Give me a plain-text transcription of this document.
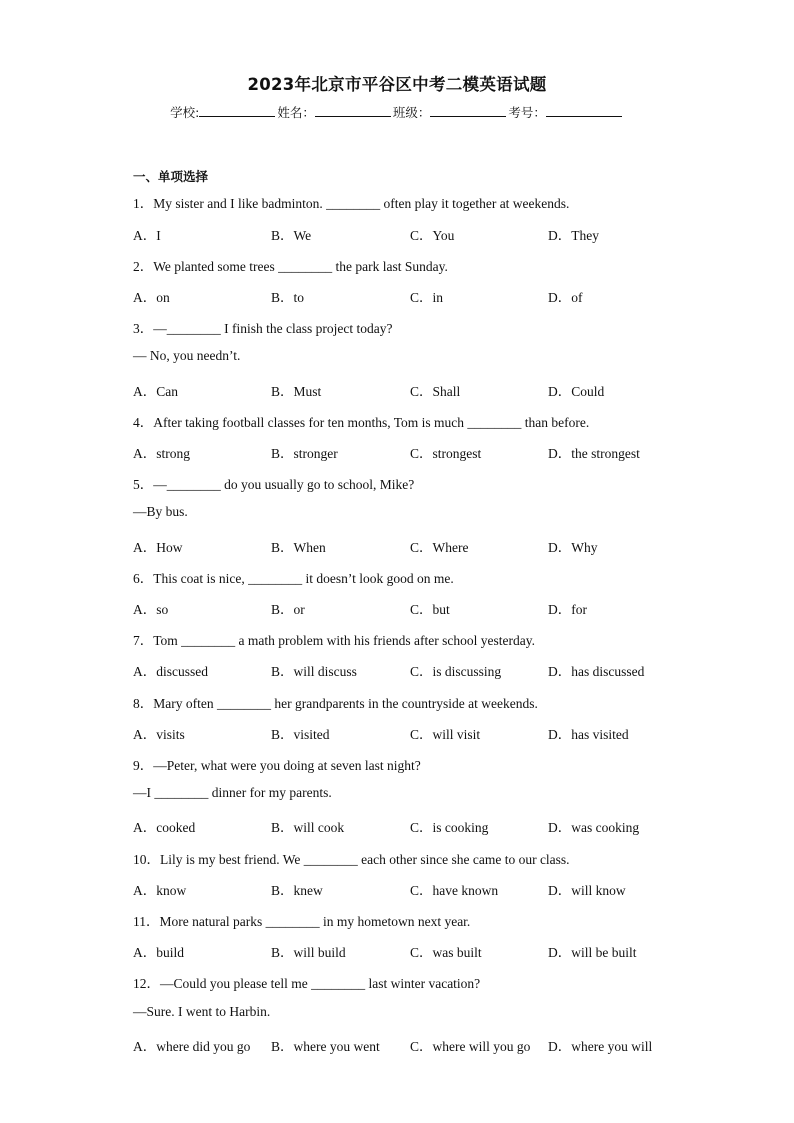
2023年北京市平谷区中考二模英语试题
学校:	姓名：	班级：	考号：
一、单项选择
1．My sister and I like badminton. ________ often play it together at weekends.
A．I	B．We	C．You	D．They
2．We planted some trees ________ the park last Sunday.
A．on	B．to	C．in	D．of
3．—________ I finish the class project today?
— No, you needn’t.
A．Can	B．Must	C．Shall	D．Could
4．After taking football classes for ten months, Tom is much ________ than before.
A．strong	B．stronger	C．strongest	D．the strongest
5．—________ do you usually go to school, Mike?
—By bus.
A．How	B．When	C．Where	D．Why
6．This coat is nice, ________ it doesn’t look good on me.
A．so	B．or	C．but	D．for
7．Tom ________ a math problem with his friends after school yesterday.
A．discussed	B．will discuss	C．is discussing	D．has discussed
8．Mary often ________ her grandparents in the countryside at weekends.
A．visits	B．visited	C．will visit	D．has visited
9．—Peter, what were you doing at seven last night?
—I ________ dinner for my parents.
A．cooked	B．will cook	C．is cooking	D．was cooking
10．Lily is my best friend. We ________ each other since she came to our class.
A．know	B．knew	C．have known	D．will know
11．More natural parks ________ in my hometown next year.
A．build	B．will build	C．was built	D．will be built
12．—Could you please tell me ________ last winter vacation?
—Sure. I went to Harbin.
A．where did you go B．where you went C．where will you go D．where you will
